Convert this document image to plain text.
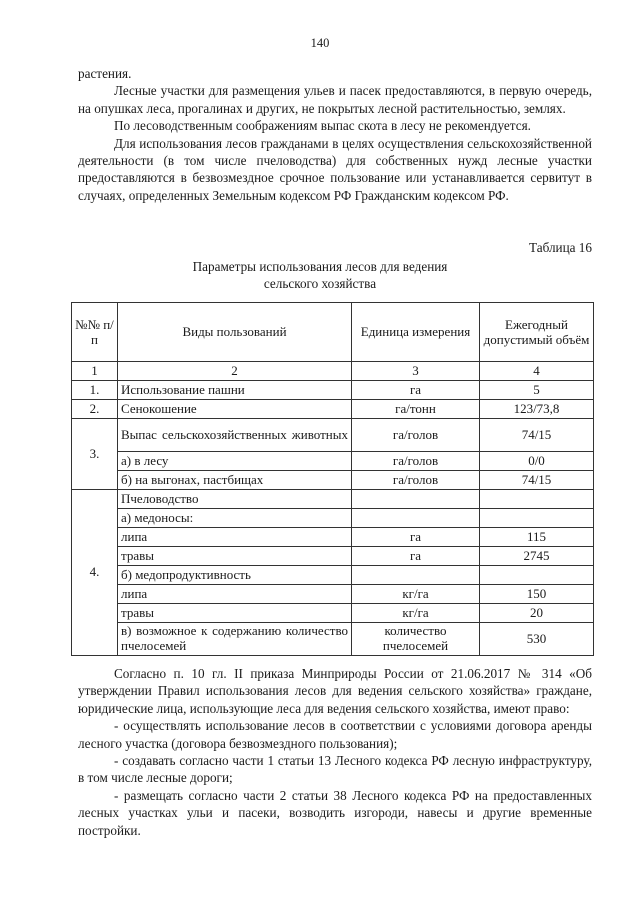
140

растения.

Лесные участки для размещения ульев и пасек предоставляются, в первую очередь, на опушках леса, прогалинах и других, не покрытых лесной растительностью, землях.

По лесоводственным соображениям выпас скота в лесу не рекомендуется.

Для использования лесов гражданами в целях осуществления сельскохозяйственной деятельности (в том числе пчеловодства) для собственных нужд лесные участки предоставляются в безвозмездное срочное пользование или устанавливается сервитут в случаях, определенных Земельным кодексом РФ Гражданским кодексом РФ.

Таблица 16
Параметры использования лесов для ведения
сельского хозяйства
№№ п/п	Виды пользований	Единица измерения	Ежегодный допустимый объём
1	2	3	4
1.	Использование пашни	га	5
2.	Сенокошение	га/тонн	123/73,8
3.	Выпас сельскохозяйственных животных	га/голов	74/15
	а) в лесу	га/голов	0/0
	б) на выгонах, пастбищах	га/голов	74/15
4.	Пчеловодство		
	а) медоносы:		
	липа	га	115
	травы	га	2745
	б) медопродуктивность		
	липа	кг/га	150
	травы	кг/га	20
	в) возможное к содержанию количество пчелосемей	количество пчелосемей	530

Согласно п. 10 гл. II приказа Минприроды России от 21.06.2017 № 314 «Об утверждении Правил использования лесов для ведения сельского хозяйства» граждане, юридические лица, использующие леса для ведения сельского хозяйства, имеют право:

- осуществлять использование лесов в соответствии с условиями договора аренды лесного участка (договора безвозмездного пользования);

- создавать согласно части 1 статьи 13 Лесного кодекса РФ лесную инфраструктуру, в том числе лесные дороги;

- размещать согласно части 2 статьи 38 Лесного кодекса РФ на предоставленных лесных участках ульи и пасеки, возводить изгороди, навесы и другие временные постройки.
